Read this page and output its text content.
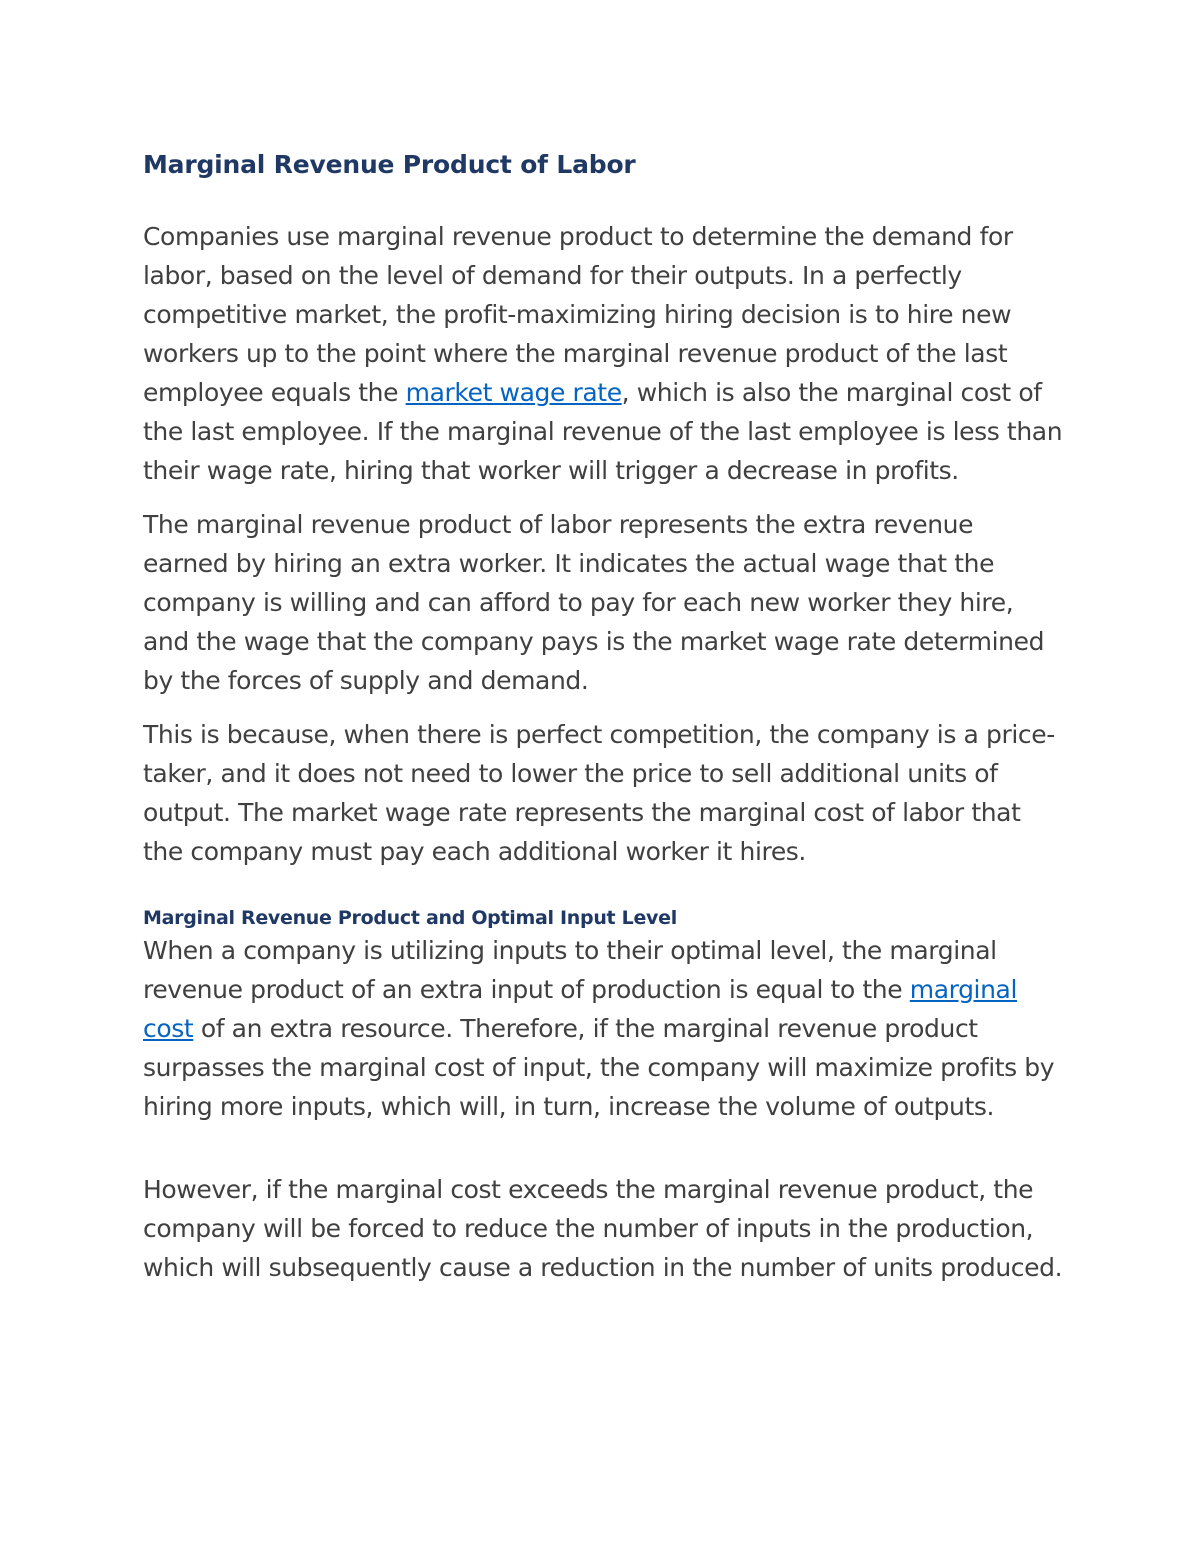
Marginal Revenue Product of Labor

Companies use marginal revenue product to determine the demand for labor, based on the level of demand for their outputs. In a perfectly competitive market, the profit-maximizing hiring decision is to hire new workers up to the point where the marginal revenue product of the last employee equals the market wage rate, which is also the marginal cost of the last employee. If the marginal revenue of the last employee is less than their wage rate, hiring that worker will trigger a decrease in profits.

The marginal revenue product of labor represents the extra revenue earned by hiring an extra worker. It indicates the actual wage that the company is willing and can afford to pay for each new worker they hire, and the wage that the company pays is the market wage rate determined by the forces of supply and demand.

This is because, when there is perfect competition, the company is a price-taker, and it does not need to lower the price to sell additional units of output. The market wage rate represents the marginal cost of labor that the company must pay each additional worker it hires.

Marginal Revenue Product and Optimal Input Level

When a company is utilizing inputs to their optimal level, the marginal revenue product of an extra input of production is equal to the marginal cost of an extra resource. Therefore, if the marginal revenue product surpasses the marginal cost of input, the company will maximize profits by hiring more inputs, which will, in turn, increase the volume of outputs.

However, if the marginal cost exceeds the marginal revenue product, the company will be forced to reduce the number of inputs in the production, which will subsequently cause a reduction in the number of units produced.
